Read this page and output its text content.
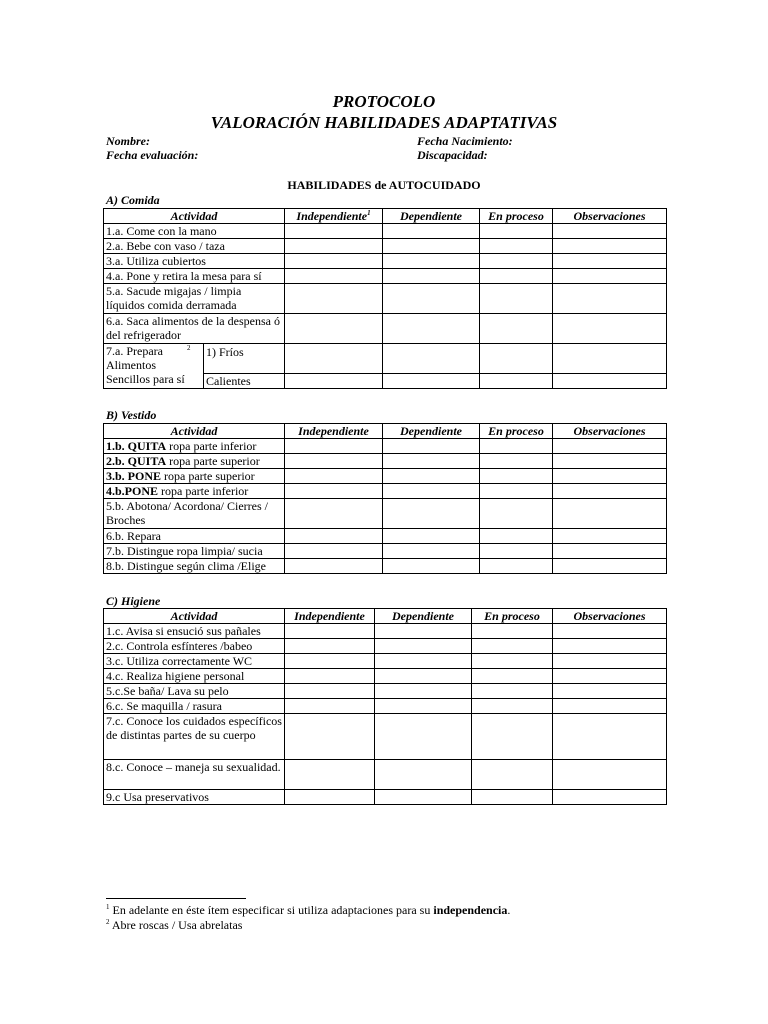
PROTOCOLO
VALORACIÓN HABILIDADES ADAPTATIVAS
Nombre:
Fecha evaluación:
Fecha Nacimiento:
Discapacidad:
HABILIDADES de AUTOCUIDADO
A) Comida
Actividad		Independiente$^1$	Dependiente	En proceso	Observaciones
1.a. Come con la mano					
2.a. Bebe con vaso / taza					
3.a. Utiliza cubiertos					
4.a. Pone y retira la mesa para sí					
5.a. Sacude migajas / limpia líquidos comida derramada					
6.a. Saca alimentos de la despensa ó del refrigerador					

7.a. Prepara $^2$
Alimentos
Sencillos para sí	1) Fríos				
	Calientes				
B) Vestido
Actividad	Independiente	Dependiente	En proceso	Observaciones
1.b. QUITA ropa parte inferior				
2.b. QUITA ropa parte superior				
3.b. PONE ropa parte superior				
4.b.PONE ropa parte inferior				
5.b. Abotona/ Acordona/ Cierres / Broches				
6.b. Repara				
7.b. Distingue ropa limpia/ sucia				
8.b. Distingue según clima /Elige				
C) Higiene
Actividad	Independiente	Dependiente	En proceso	Observaciones
1.c. Avisa si ensució sus pañales				
2.c. Controla esfínteres /babeo				
3.c. Utiliza correctamente WC				
4.c. Realiza higiene personal				
5.c.Se baña/ Lava su pelo				
6.c. Se maquilla / rasura				
7.c. Conoce los cuidados específicos de distintas partes de su cuerpo				
8.c. Conoce – maneja su sexualidad.				
9.c Usa preservativos				
$^1$ En adelante en éste ítem especificar si utiliza adaptaciones para su independencia.
$^2$ Abre roscas / Usa abrelatas
